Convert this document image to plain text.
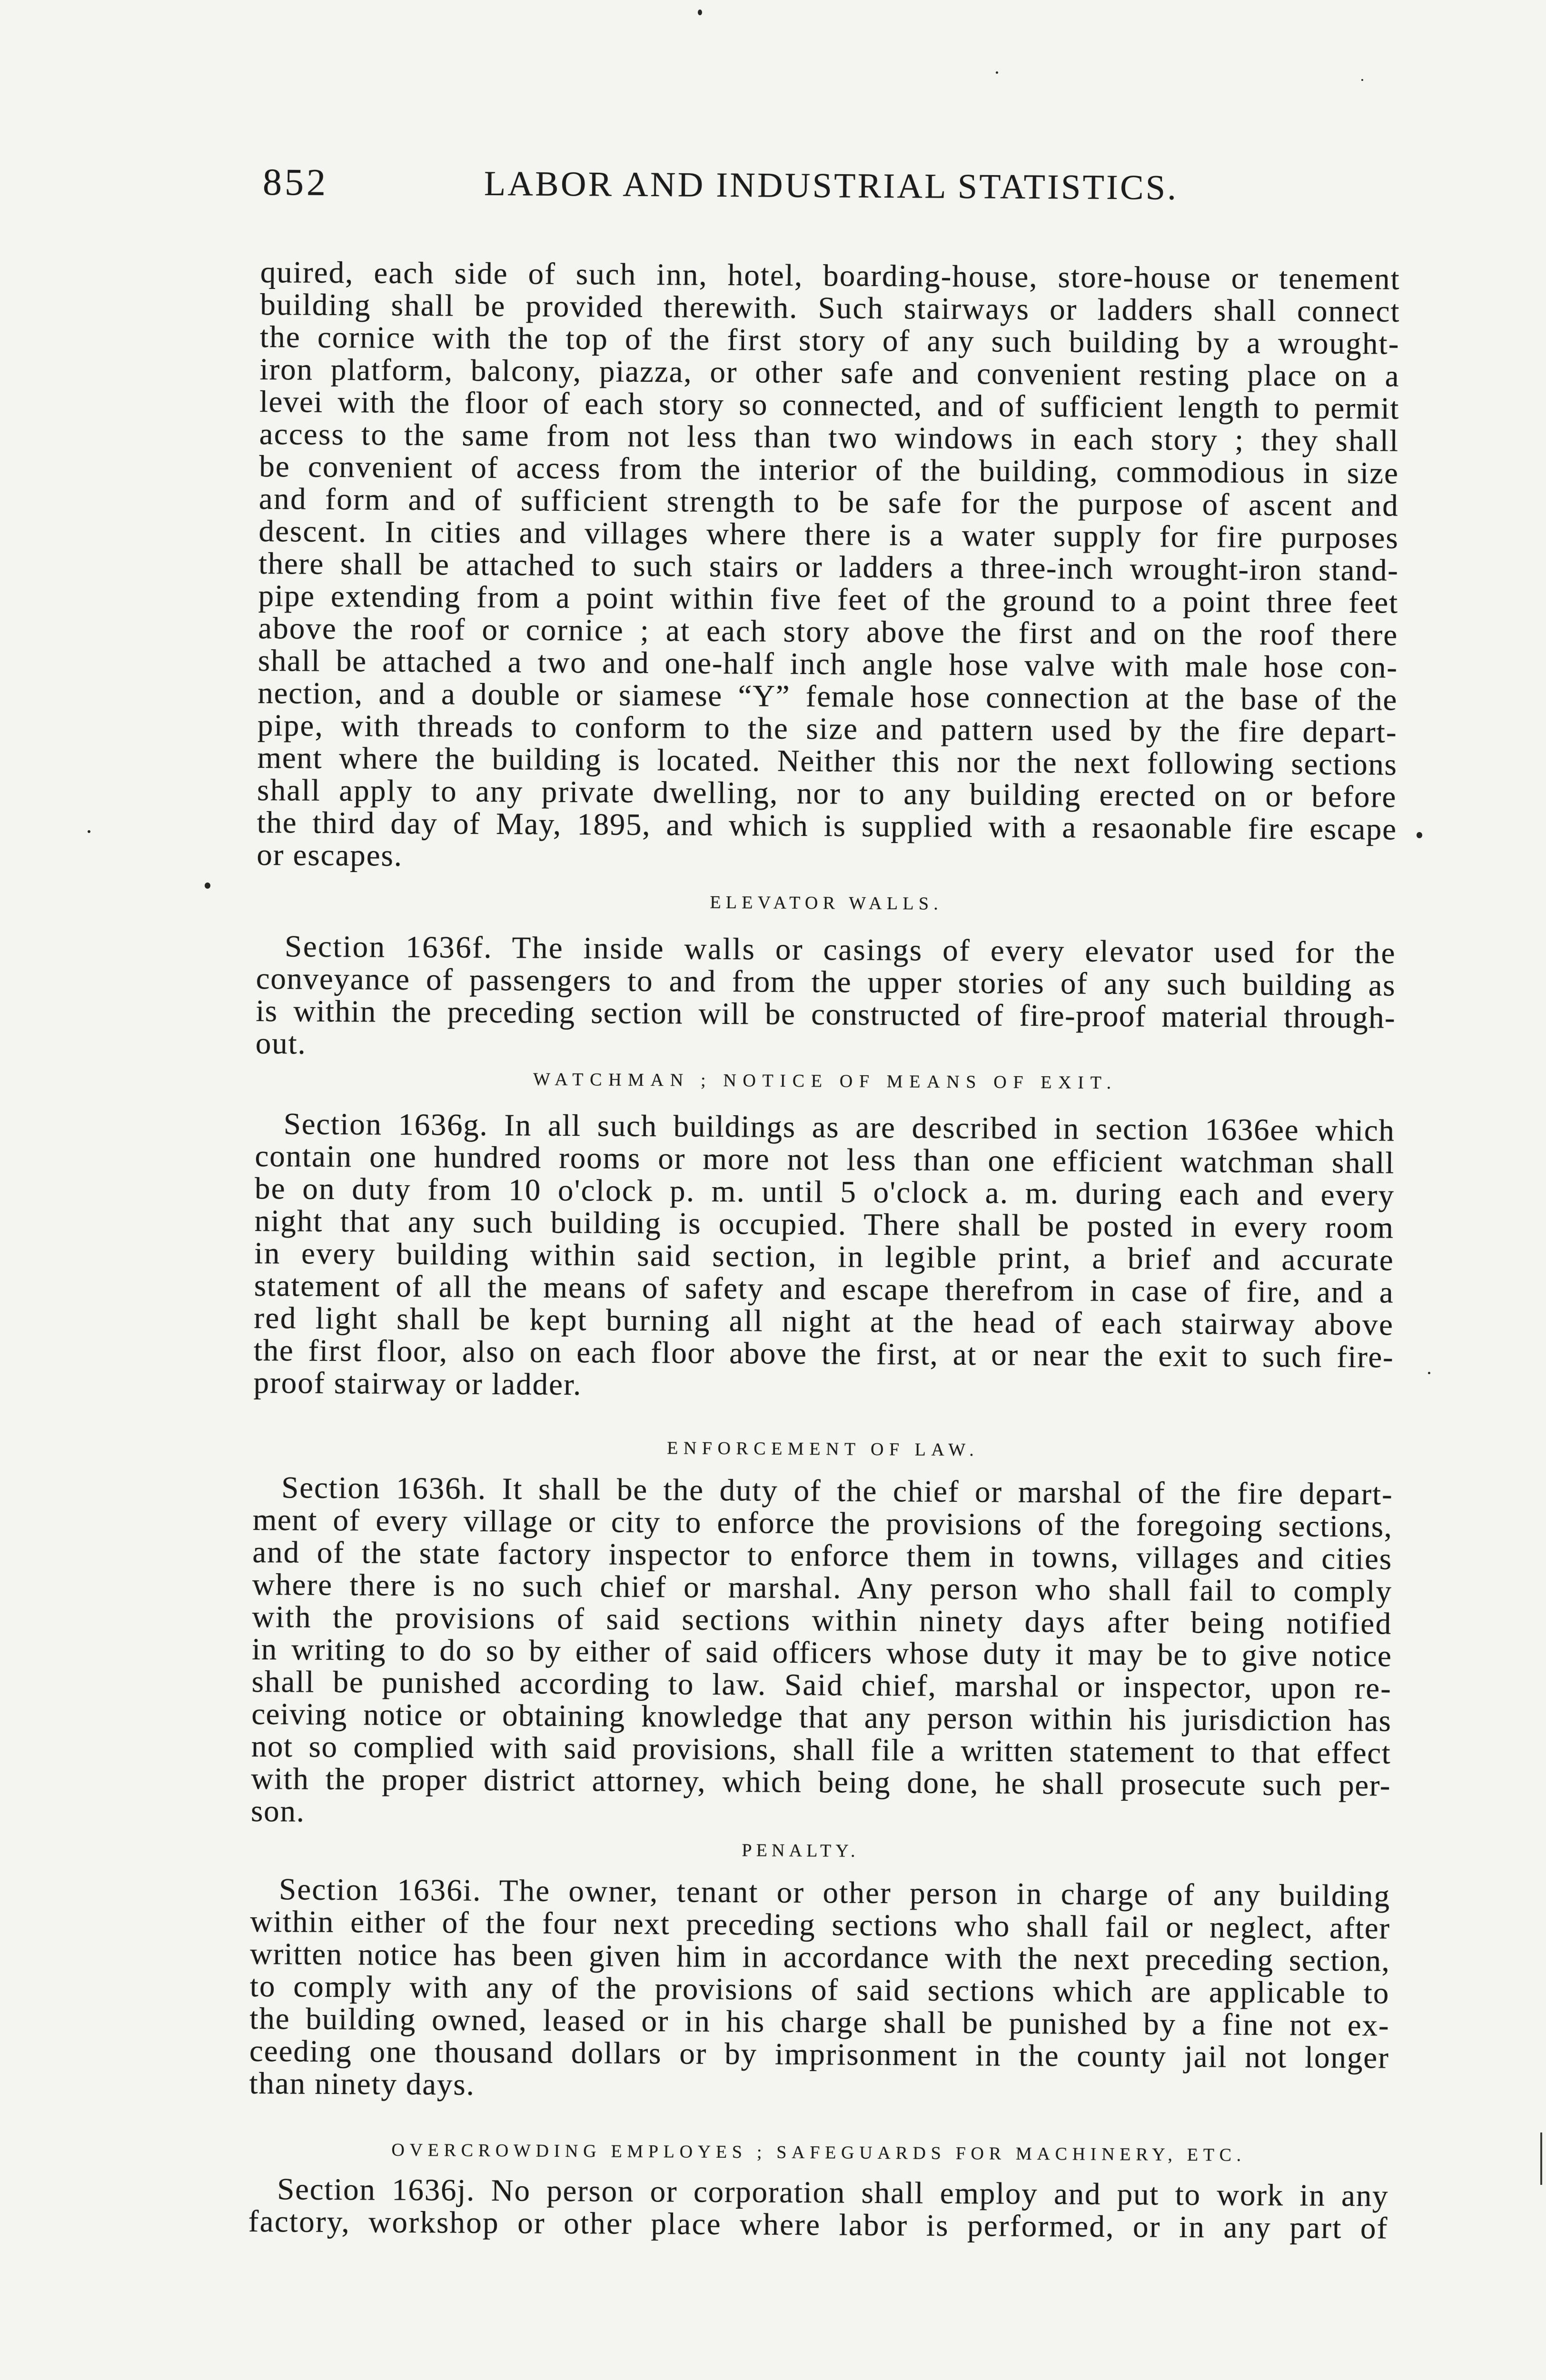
852	LABOR AND INDUSTRIAL STATISTICS.
quired, each side of such inn, hotel, boarding-house, store-house or tenement
building shall be provided therewith. Such stairways or ladders shall connect
the cornice with the top of the first story of any such building by a wrought-
iron platform, balcony, piazza, or other safe and convenient resting place on a
levei with the floor of each story so connected, and of sufficient length to permit
access to the same from not less than two windows in each story ; they shall
be convenient of access from the interior of the building, commodious in size
and form and of sufficient strength to be safe for the purpose of ascent and
descent. In cities and villages where there is a water supply for fire purposes
there shall be attached to such stairs or ladders a three-inch wrought-iron stand-
pipe extending from a point within five feet of the ground to a point three feet
above the roof or cornice ; at each story above the first and on the roof there
shall be attached a two and one-half inch angle hose valve with male hose con-
nection, and a double or siamese “Y” female hose connection at the base of the
pipe, with threads to conform to the size and pattern used by the fire depart-
ment where the building is located. Neither this nor the next following sections
shall apply to any private dwelling, nor to any building erected on or before
the third day of May, 1895, and which is supplied with a resaonable fire escape
or escapes.
ELEVATOR WALLS.
Section 1636f. The inside walls or casings of every elevator used for the
conveyance of passengers to and from the upper stories of any such building as
is within the preceding section will be constructed of fire-proof material through-
out.
WATCHMAN ; NOTICE OF MEANS OF EXIT.
Section 1636g. In all such buildings as are described in section 1636ee which
contain one hundred rooms or more not less than one efficient watchman shall
be on duty from 10 o'clock p. m. until 5 o'clock a. m. during each and every
night that any such building is occupied. There shall be posted in every room
in every building within said section, in legible print, a brief and accurate
statement of all the means of safety and escape therefrom in case of fire, and a
red light shall be kept burning all night at the head of each stairway above
the first floor, also on each floor above the first, at or near the exit to such fire-
proof stairway or ladder.
ENFORCEMENT OF LAW.
Section 1636h. It shall be the duty of the chief or marshal of the fire depart-
ment of every village or city to enforce the provisions of the foregoing sections,
and of the state factory inspector to enforce them in towns, villages and cities
where there is no such chief or marshal. Any person who shall fail to comply
with the provisions of said sections within ninety days after being notified
in writing to do so by either of said officers whose duty it may be to give notice
shall be punished according to law. Said chief, marshal or inspector, upon re-
ceiving notice or obtaining knowledge that any person within his jurisdiction has
not so complied with said provisions, shall file a written statement to that effect
with the proper district attorney, which being done, he shall prosecute such per-
son.
PENALTY.
Section 1636i. The owner, tenant or other person in charge of any building
within either of the four next preceding sections who shall fail or neglect, after
written notice has been given him in accordance with the next preceding section,
to comply with any of the provisions of said sections which are applicable to
the building owned, leased or in his charge shall be punished by a fine not ex-
ceeding one thousand dollars or by imprisonment in the county jail not longer
than ninety days.
OVERCROWDING EMPLOYES ; SAFEGUARDS FOR MACHINERY, ETC.
Section 1636j. No person or corporation shall employ and put to work in any
factory, workshop or other place where labor is performed, or in any part of
